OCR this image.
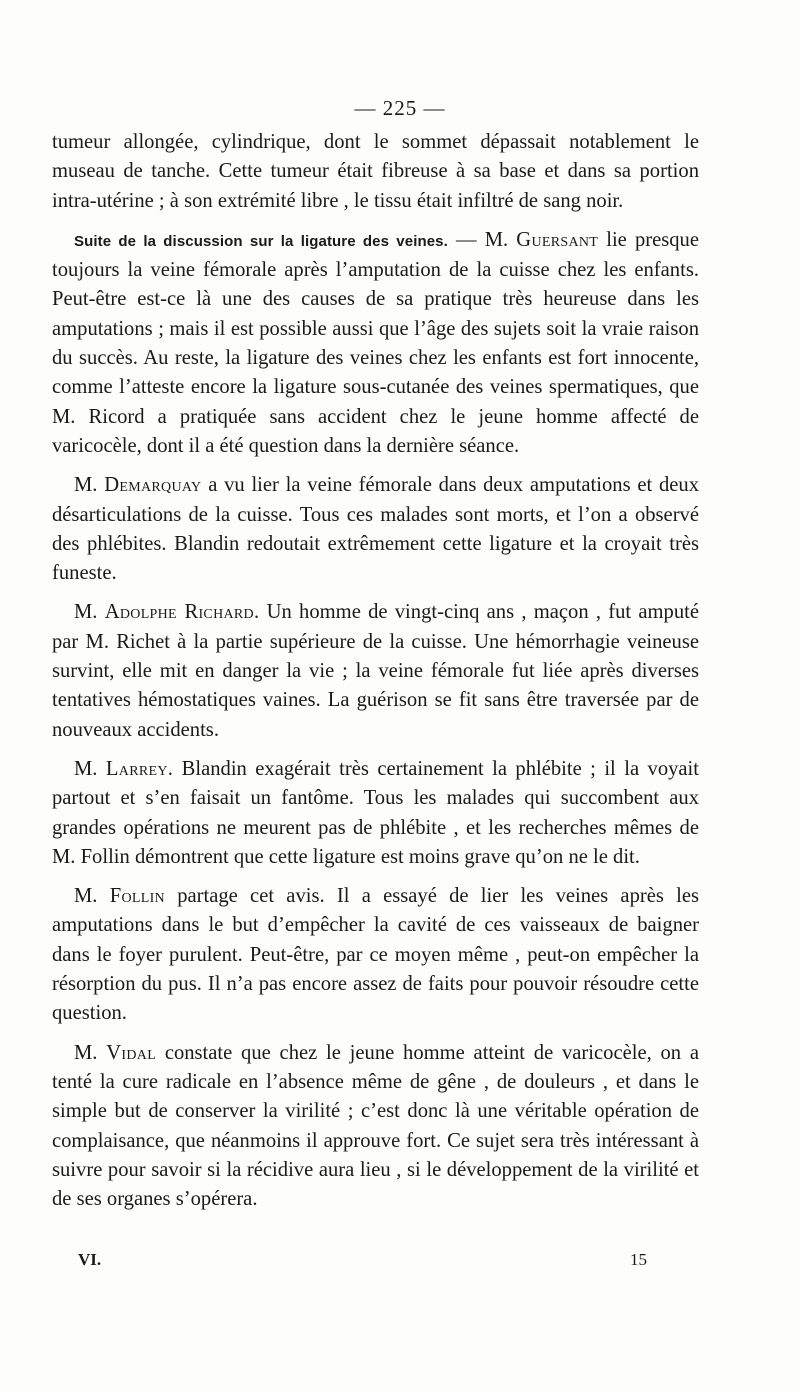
— 225 —

tumeur allongée, cylindrique, dont le sommet dépassait notablement le museau de tanche. Cette tumeur était fibreuse à sa base et dans sa portion intra-utérine ; à son extrémité libre , le tissu était infiltré de sang noir.

Suite de la discussion sur la ligature des veines. — M. Guersant lie presque toujours la veine fémorale après l’amputation de la cuisse chez les enfants. Peut-être est-ce là une des causes de sa pratique très heureuse dans les amputations ; mais il est possible aussi que l’âge des sujets soit la vraie raison du succès. Au reste, la ligature des veines chez les enfants est fort innocente, comme l’atteste encore la ligature sous-cutanée des veines spermatiques, que M. Ricord a pratiquée sans accident chez le jeune homme affecté de varicocèle, dont il a été question dans la dernière séance.

M. Demarquay a vu lier la veine fémorale dans deux amputations et deux désarticulations de la cuisse. Tous ces malades sont morts, et l’on a observé des phlébites. Blandin redoutait extrêmement cette ligature et la croyait très funeste.

M. Adolphe Richard. Un homme de vingt-cinq ans , maçon , fut amputé par M. Richet à la partie supérieure de la cuisse. Une hémorrhagie veineuse survint, elle mit en danger la vie ; la veine fémorale fut liée après diverses tentatives hémostatiques vaines. La guérison se fit sans être traversée par de nouveaux accidents.

M. Larrey. Blandin exagérait très certainement la phlébite ; il la voyait partout et s’en faisait un fantôme. Tous les malades qui succombent aux grandes opérations ne meurent pas de phlébite , et les recherches mêmes de M. Follin démontrent que cette ligature est moins grave qu’on ne le dit.

M. Follin partage cet avis. Il a essayé de lier les veines après les amputations dans le but d’empêcher la cavité de ces vaisseaux de baigner dans le foyer purulent. Peut-être, par ce moyen même , peut-on empêcher la résorption du pus. Il n’a pas encore assez de faits pour pouvoir résoudre cette question.

M. Vidal constate que chez le jeune homme atteint de varicocèle, on a tenté la cure radicale en l’absence même de gêne , de douleurs , et dans le simple but de conserver la virilité ; c’est donc là une véritable opération de complaisance, que néanmoins il approuve fort. Ce sujet sera très intéressant à suivre pour savoir si la récidive aura lieu , si le développement de la virilité et de ses organes s’opérera.

VI.	15
